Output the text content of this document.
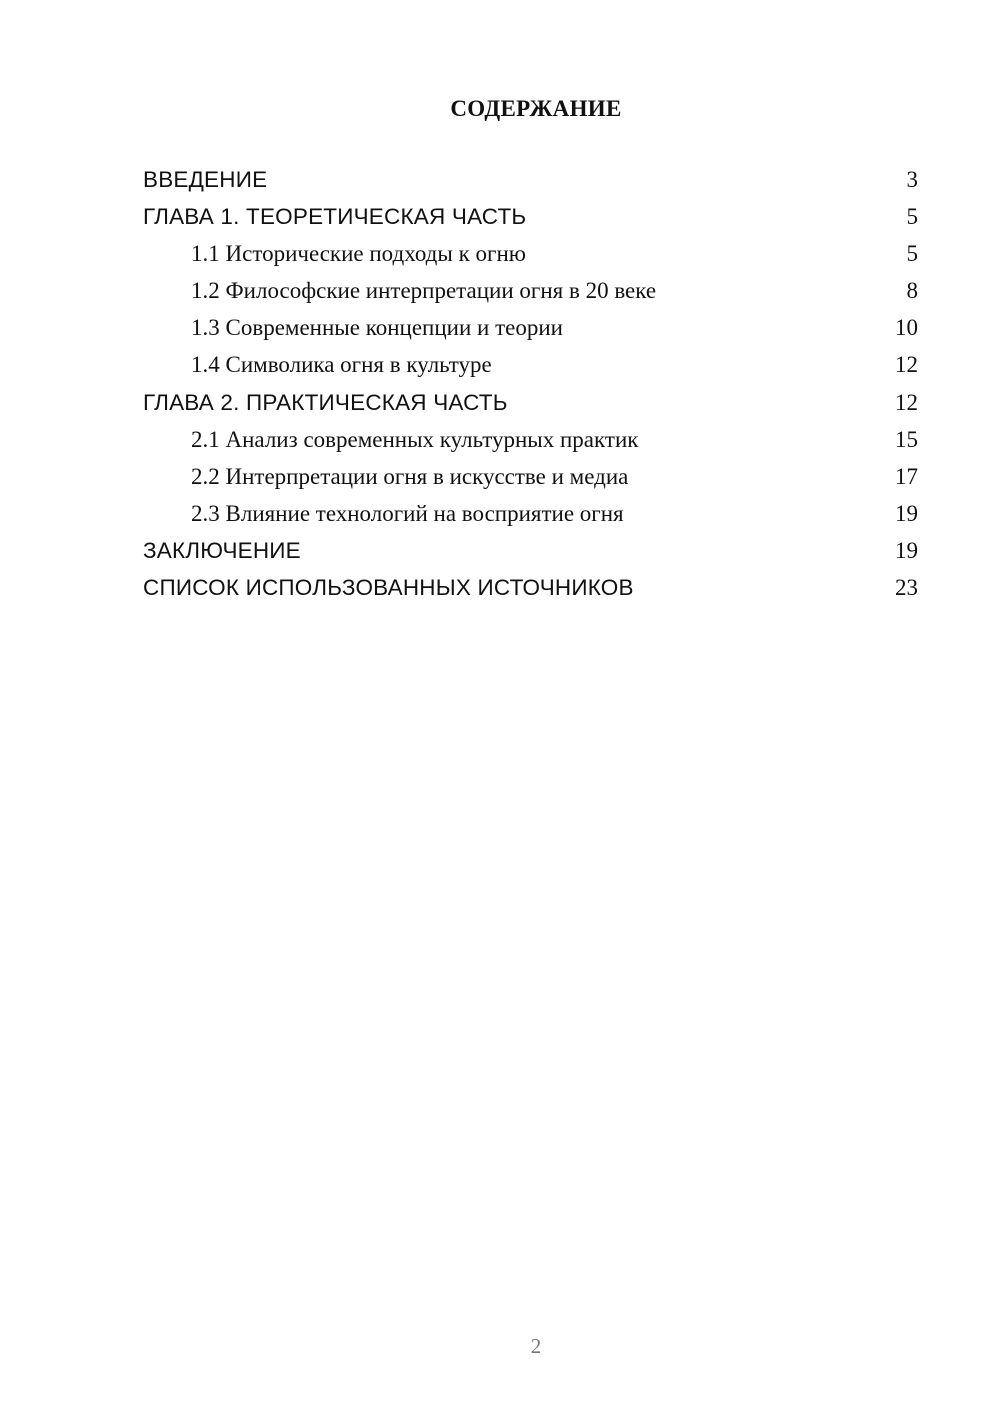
СОДЕРЖАНИЕ
ВВЕДЕНИЕ	3
ГЛАВА 1. ТЕОРЕТИЧЕСКАЯ ЧАСТЬ	5
1.1 Исторические подходы к огню	5
1.2 Философские интерпретации огня в 20 веке	8
1.3 Современные концепции и теории	10
1.4 Символика огня в культуре	12
ГЛАВА 2. ПРАКТИЧЕСКАЯ ЧАСТЬ	12
2.1 Анализ современных культурных практик	15
2.2 Интерпретации огня в искусстве и медиа	17
2.3 Влияние технологий на восприятие огня	19
ЗАКЛЮЧЕНИЕ	19
СПИСОК ИСПОЛЬЗОВАННЫХ ИСТОЧНИКОВ	23
2
